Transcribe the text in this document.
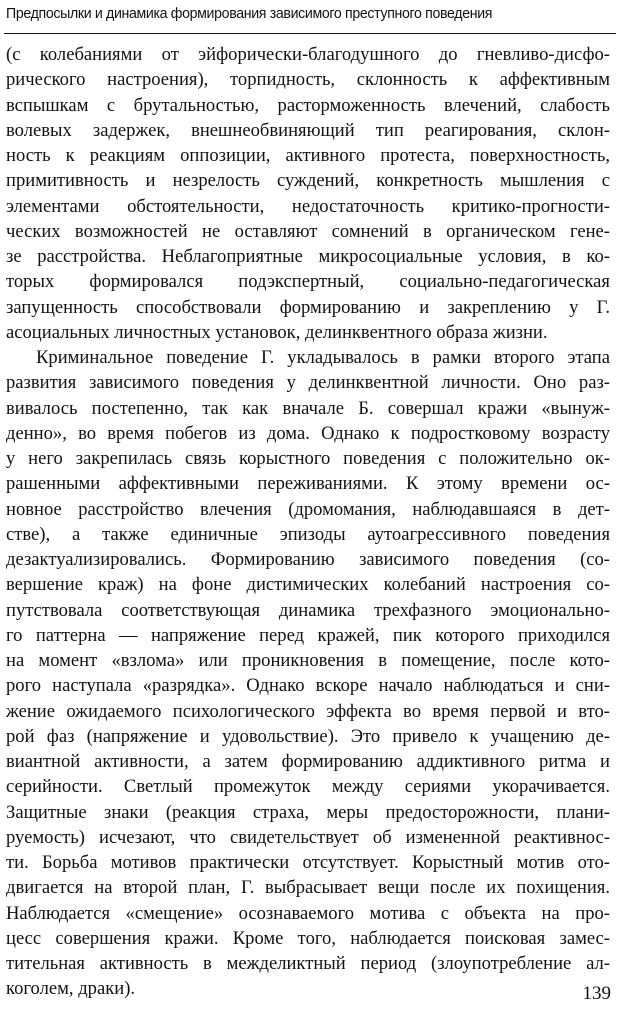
Предпосылки и динамика формирования зависимого преступного поведения
(с колебаниями от эйфорически-благодушного до гневливо-дисфо-
рического настроения), торпидность, склонность к аффективным
вспышкам с брутальностью, расторможенность влечений, слабость
волевых задержек, внешнеобвиняющий тип реагирования, склон-
ность к реакциям оппозиции, активного протеста, поверхностность,
примитивность и незрелость суждений, конкретность мышления с
элементами обстоятельности, недостаточность критико-прогности-
ческих возможностей не оставляют сомнений в органическом гене-
зе расстройства. Неблагоприятные микросоциальные условия, в ко-
торых формировался подэкспертный, социально-педагогическая
запущенность способствовали формированию и закреплению у Г.
асоциальных личностных установок, делинквентного образа жизни.
Криминальное поведение Г. укладывалось в рамки второго этапа
развития зависимого поведения у делинквентной личности. Оно раз-
вивалось постепенно, так как вначале Б. совершал кражи «вынуж-
денно», во время побегов из дома. Однако к подростковому возрасту
у него закрепилась связь корыстного поведения с положительно ок-
рашенными аффективными переживаниями. К этому времени ос-
новное расстройство влечения (дромомания, наблюдавшаяся в дет-
стве), а также единичные эпизоды аутоагрессивного поведения
дезактуализировались. Формированию зависимого поведения (со-
вершение краж) на фоне дистимических колебаний настроения со-
путствовала соответствующая динамика трехфазного эмоционально-
го паттерна — напряжение перед кражей, пик которого приходился
на момент «взлома» или проникновения в помещение, после кото-
рого наступала «разрядка». Однако вскоре начало наблюдаться и сни-
жение ожидаемого психологического эффекта во время первой и вто-
рой фаз (напряжение и удовольствие). Это привело к учащению де-
виантной активности, а затем формированию аддиктивного ритма и
серийности. Светлый промежуток между сериями укорачивается.
Защитные знаки (реакция страха, меры предосторожности, плани-
руемость) исчезают, что свидетельствует об измененной реактивнос-
ти. Борьба мотивов практически отсутствует. Корыстный мотив ото-
двигается на второй план, Г. выбрасывает вещи после их похищения.
Наблюдается «смещение» осознаваемого мотива с объекта на про-
цесс совершения кражи. Кроме того, наблюдается поисковая замес-
тительная активность в межделиктный период (злоупотребление ал-
коголем, драки).	139
